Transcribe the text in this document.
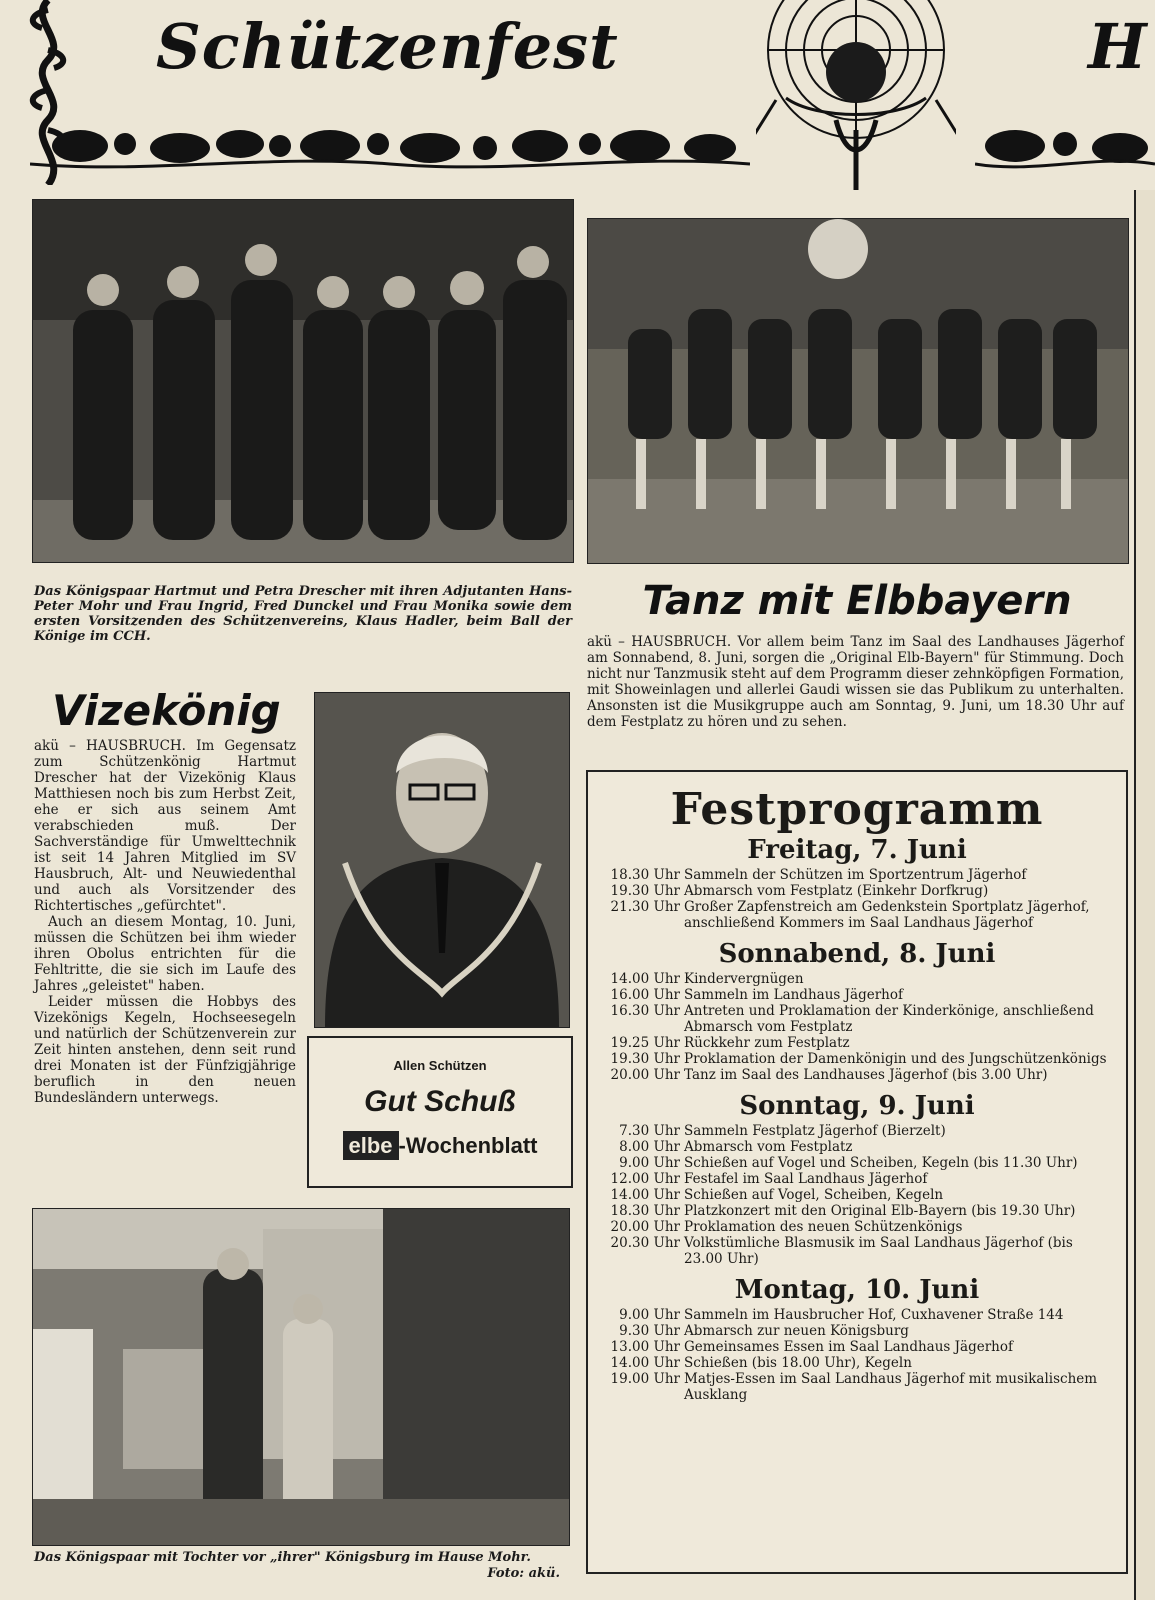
Schützenfest	H
Das Königspaar Hartmut und Petra Drescher mit ihren Adjutanten Hans-Peter Mohr und Frau Ingrid, Fred Dunckel und Frau Monika sowie dem ersten Vorsitzenden des Schützenvereins, Klaus Hadler, beim Ball der Könige im CCH.
Tanz mit Elbbayern
akü – HAUSBRUCH. Vor allem beim Tanz im Saal des Landhauses Jägerhof am Sonnabend, 8. Juni, sorgen die „Original Elb-Bayern" für Stimmung. Doch nicht nur Tanzmusik steht auf dem Programm dieser zehnköpfigen Formation, mit Showeinlagen und allerlei Gaudi wissen sie das Publikum zu unterhalten. Ansonsten ist die Musikgruppe auch am Sonntag, 9. Juni, um 18.30 Uhr auf dem Festplatz zu hören und zu sehen.
Vizekönig

akü – HAUSBRUCH. Im Gegensatz zum Schützenkönig Hartmut Drescher hat der Vizekönig Klaus Matthiesen noch bis zum Herbst Zeit, ehe er sich aus seinem Amt verabschieden muß. Der Sachverständige für Umwelttechnik ist seit 14 Jahren Mitglied im SV Hausbruch, Alt- und Neuwiedenthal und auch als Vorsitzender des Richtertisches „gefürchtet".

Auch an diesem Montag, 10. Juni, müssen die Schützen bei ihm wieder ihren Obolus entrichten für die Fehltritte, die sie sich im Laufe des Jahres „geleistet" haben.

Leider müssen die Hobbys des Vizekönigs Kegeln, Hochseesegeln und natürlich der Schützenverein zur Zeit hinten anstehen, denn seit rund drei Monaten ist der Fünfzigjährige beruflich in den neuen Bundesländern unterwegs.

Allen Schützen
Gut Schuß
elbe -Wochenblatt
Das Königspaar mit Tochter vor „ihrer" Königsburg im Hause Mohr.
Foto: akü.
Festprogramm
Freitag, 7. Juni
18.30 Uhr Sammeln der Schützen im Sportzentrum Jägerhof
19.30 Uhr Abmarsch vom Festplatz (Einkehr Dorfkrug)
21.30 Uhr Großer Zapfenstreich am Gedenkstein Sportplatz Jägerhof, anschließend Kommers im Saal Landhaus Jägerhof
Sonnabend, 8. Juni
14.00 Uhr Kindervergnügen
16.00 Uhr Sammeln im Landhaus Jägerhof
16.30 Uhr Antreten und Proklamation der Kinderkönige, anschließend Abmarsch vom Festplatz
19.25 Uhr Rückkehr zum Festplatz
19.30 Uhr Proklamation der Damenkönigin und des Jungschützenkönigs
20.00 Uhr Tanz im Saal des Landhauses Jägerhof (bis 3.00 Uhr)
Sonntag, 9. Juni
7.30 Uhr Sammeln Festplatz Jägerhof (Bierzelt)
8.00 Uhr Abmarsch vom Festplatz
9.00 Uhr Schießen auf Vogel und Scheiben, Kegeln (bis 11.30 Uhr)
12.00 Uhr Festafel im Saal Landhaus Jägerhof
14.00 Uhr Schießen auf Vogel, Scheiben, Kegeln
18.30 Uhr Platzkonzert mit den Original Elb-Bayern (bis 19.30 Uhr)
20.00 Uhr Proklamation des neuen Schützenkönigs
20.30 Uhr Volkstümliche Blasmusik im Saal Landhaus Jägerhof (bis 23.00 Uhr)
Montag, 10. Juni
9.00 Uhr Sammeln im Hausbrucher Hof, Cuxhavener Straße 144
9.30 Uhr Abmarsch zur neuen Königsburg
13.00 Uhr Gemeinsames Essen im Saal Landhaus Jägerhof
14.00 Uhr Schießen (bis 18.00 Uhr), Kegeln
19.00 Uhr Matjes-Essen im Saal Landhaus Jägerhof mit musikalischem Ausklang
